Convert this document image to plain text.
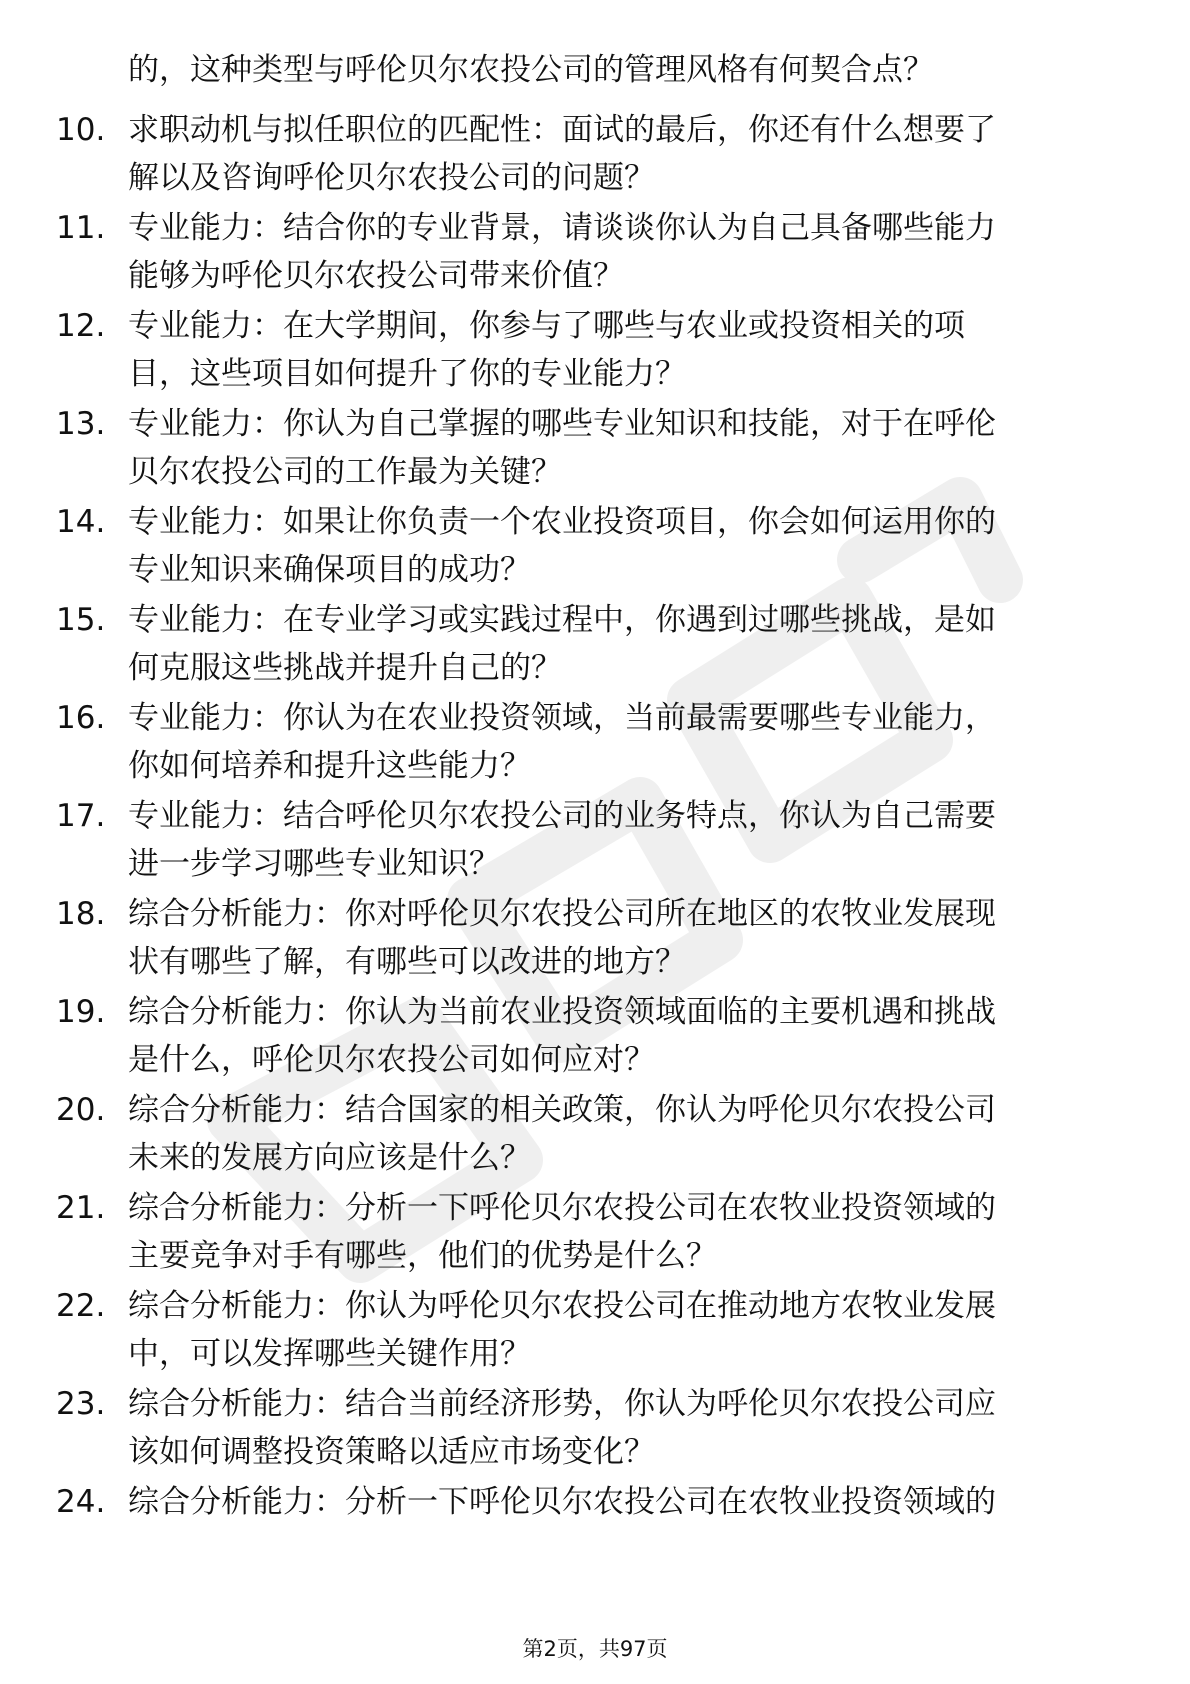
的，这种类型与呼伦贝尔农投公司的管理风格有何契合点？
10. 求职动机与拟任职位的匹配性：面试的最后，你还有什么想要了
解以及咨询呼伦贝尔农投公司的问题？
11. 专业能力：结合你的专业背景，请谈谈你认为自己具备哪些能力
能够为呼伦贝尔农投公司带来价值？
12. 专业能力：在大学期间，你参与了哪些与农业或投资相关的项
目，这些项目如何提升了你的专业能力？
13. 专业能力：你认为自己掌握的哪些专业知识和技能，对于在呼伦
贝尔农投公司的工作最为关键？
14. 专业能力：如果让你负责一个农业投资项目，你会如何运用你的
专业知识来确保项目的成功？
15. 专业能力：在专业学习或实践过程中，你遇到过哪些挑战，是如
何克服这些挑战并提升自己的？
16. 专业能力：你认为在农业投资领域，当前最需要哪些专业能力，
你如何培养和提升这些能力？
17. 专业能力：结合呼伦贝尔农投公司的业务特点，你认为自己需要
进一步学习哪些专业知识？
18. 综合分析能力：你对呼伦贝尔农投公司所在地区的农牧业发展现
状有哪些了解，有哪些可以改进的地方？
19. 综合分析能力：你认为当前农业投资领域面临的主要机遇和挑战
是什么，呼伦贝尔农投公司如何应对？
20. 综合分析能力：结合国家的相关政策，你认为呼伦贝尔农投公司
未来的发展方向应该是什么？
21. 综合分析能力：分析一下呼伦贝尔农投公司在农牧业投资领域的
主要竞争对手有哪些，他们的优势是什么？
22. 综合分析能力：你认为呼伦贝尔农投公司在推动地方农牧业发展
中，可以发挥哪些关键作用？
23. 综合分析能力：结合当前经济形势，你认为呼伦贝尔农投公司应
该如何调整投资策略以适应市场变化？
24. 综合分析能力：分析一下呼伦贝尔农投公司在农牧业投资领域的
第2页，共97页
